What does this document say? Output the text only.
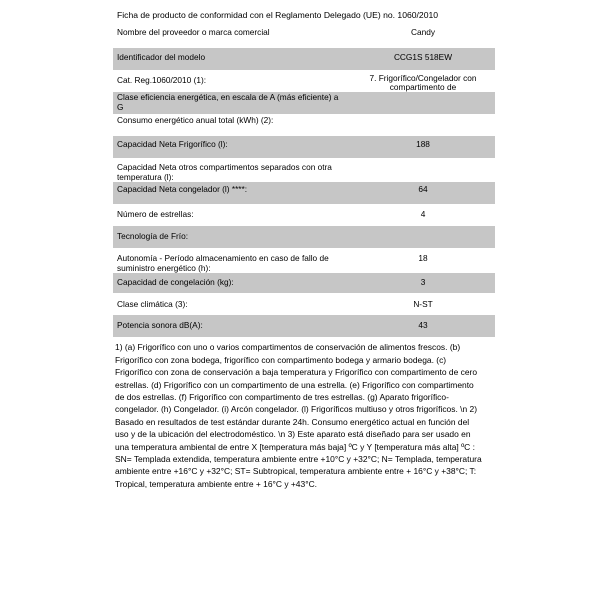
Ficha de producto de conformidad con el Reglamento Delegado (UE) no. 1060/2010
Nombre del proveedor o marca comercial	Candy
Identificador del modelo	CCG1S 518EW
Cat. Reg.1060/2010 (1):	7. Frigorífico/Congelador con compartimento de
Clase eficiencia energética, en escala de A (más eficiente) a G	
Consumo energético anual total (kWh) (2):	
Capacidad Neta Frigorífico (l):	188
Capacidad Neta otros compartimentos separados con otra temperatura (l):	
Capacidad Neta congelador (l) ****:	64
Número de estrellas:	4
Tecnología de Frío:	
Autonomía - Período almacenamiento en caso de fallo de suministro energético (h):	18
Capacidad de congelación (kg):	3
Clase climática (3):	N-ST
Potencia sonora dB(A):	43
1) (a) Frigorífico con uno o varios compartimentos de conservación de alimentos frescos. (b) Frigorífico con zona bodega, frigorífico con compartimento bodega y armario bodega. (c) Frigorífico con zona de conservación a baja temperatura y Frigorífico con compartimento de cero estrellas. (d) Frigorífico con un compartimento de una estrella. (e) Frigorífico con compartimento de dos estrellas. (f) Frigorífico con compartimento de tres estrellas. (g) Aparato frigorífico-congelador. (h) Congelador. (i) Arcón congelador. (l) Frigoríficos multiuso y otros frigoríficos. \n 2) Basado en resultados de test estándar durante 24h. Consumo energético actual en función del uso y de la ubicación del electrodoméstico. \n 3) Este aparato está diseñado para ser usado en una temperatura ambiental de entre X [temperatura más baja] ºC y Y [temperatura más alta] ºC : SN= Templada extendida, temperatura ambiente entre +10°C y +32°C; N= Templada, temperatura ambiente entre +16°C y +32°C; ST= Subtropical, temperatura ambiente entre + 16°C y +38°C; T: Tropical, temperatura ambiente entre + 16°C y +43°C.
